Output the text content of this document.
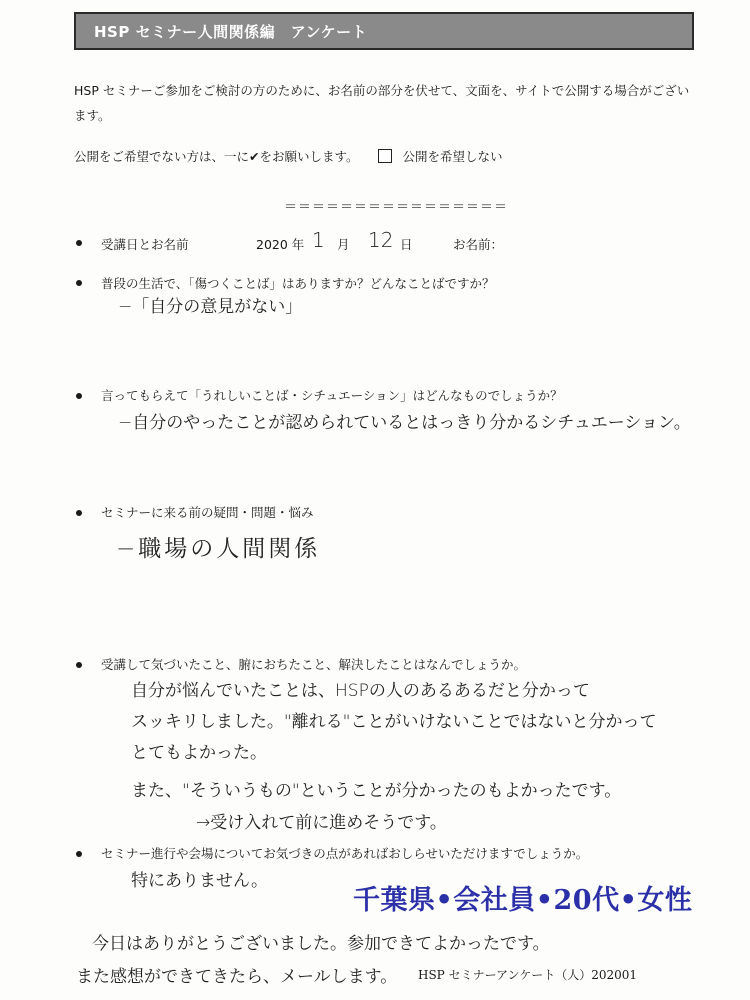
HSP セミナー人間関係編　アンケート
HSP セミナーご参加をご検討の方のために、お名前の部分を伏せて、文面を、サイトで公開する場合がございます。
公開をご希望でない方は、一に✔をお願いします。	公開を希望しない
＝＝＝＝＝＝＝＝＝＝＝＝＝＝＝＝
受講日とお名前	2020 年 1 月 12 日	お名前：
普段の生活で、「傷つくことば」はありますか？どんなことばですか？
−「自分の意見がない」
言ってもらえて「うれしいことば・シチュエーション」はどんなものでしょうか？
−自分のやったことが認められているとはっきり分かるシチュエーション。
セミナーに来る前の疑問・問題・悩み
−職場の人間関係
受講して気づいたこと、腑におちたこと、解決したことはなんでしょうか。
自分が悩んでいたことは、HSPの人のあるあるだと分かって
スッキリしました。"離れる"ことがいけないことではないと分かって
とてもよかった。
また、"そういうもの"ということが分かったのもよかったです。
→受け入れて前に進めそうです。
セミナー進行や会場についてお気づきの点があればおしらせいただけますでしょうか。
特にありません。
千葉県•会社員•20代•女性
今日はありがとうございました。参加できてよかったです。
また感想ができてきたら、メールします。 HSP セミナーアンケート（人）202001
